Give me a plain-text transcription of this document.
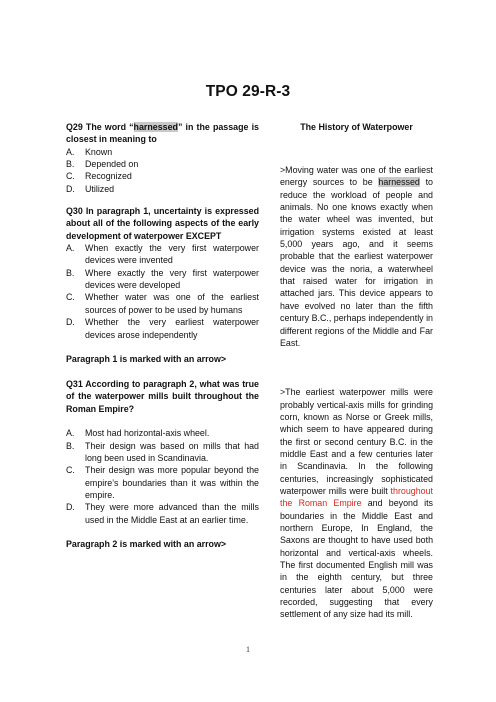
TPO 29-R-3

Q29 The word “harnessed” in the passage is closest in meaning to

A. Known
B. Depended on
C. Recognized
D. Utilized

Q30 In paragraph 1, uncertainty is expressed about all of the following aspects of the early development of waterpower EXCEPT

A. When exactly the very first waterpower devices were invented
B. Where exactly the very first waterpower devices were developed
C. Whether water was one of the earliest sources of power to be used by humans
D. Whether the very earliest waterpower devices arose independently

Paragraph 1 is marked with an arrow>

Q31 According to paragraph 2, what was true of the waterpower mills built throughout the Roman Empire?

A. Most had horizontal-axis wheel.
B. Their design was based on mills that had long been used in Scandinavia.
C. Their design was more popular beyond the empire’s boundaries than it was within the empire.
D. They were more advanced than the mills used in the Middle East at an earlier time.

Paragraph 2 is marked with an arrow>

The History of Waterpower

>Moving water was one of the earliest energy sources to be harnessed to reduce the workload of people and animals. No one knows exactly when the water wheel was invented, but irrigation systems existed at least 5,000 years ago, and it seems probable that the earliest waterpower device was the noria, a waterwheel that raised water for irrigation in attached jars. This device appears to have evolved no later than the fifth century B.C., perhaps independently in different regions of the Middle and Far East.

>The earliest waterpower mills were probably vertical-axis mills for grinding corn, known as Norse or Greek mills, which seem to have appeared during the first or second century B.C. in the middle East and a few centuries later in Scandinavia. In the following centuries, increasingly sophisticated waterpower mills were built throughout the Roman Empire and beyond its boundaries in the Middle East and northern Europe, In England, the Saxons are thought to have used both horizontal and vertical-axis wheels. The first documented English mill was in the eighth century, but three centuries later about 5,000 were recorded, suggesting that every settlement of any size had its mill.

1
